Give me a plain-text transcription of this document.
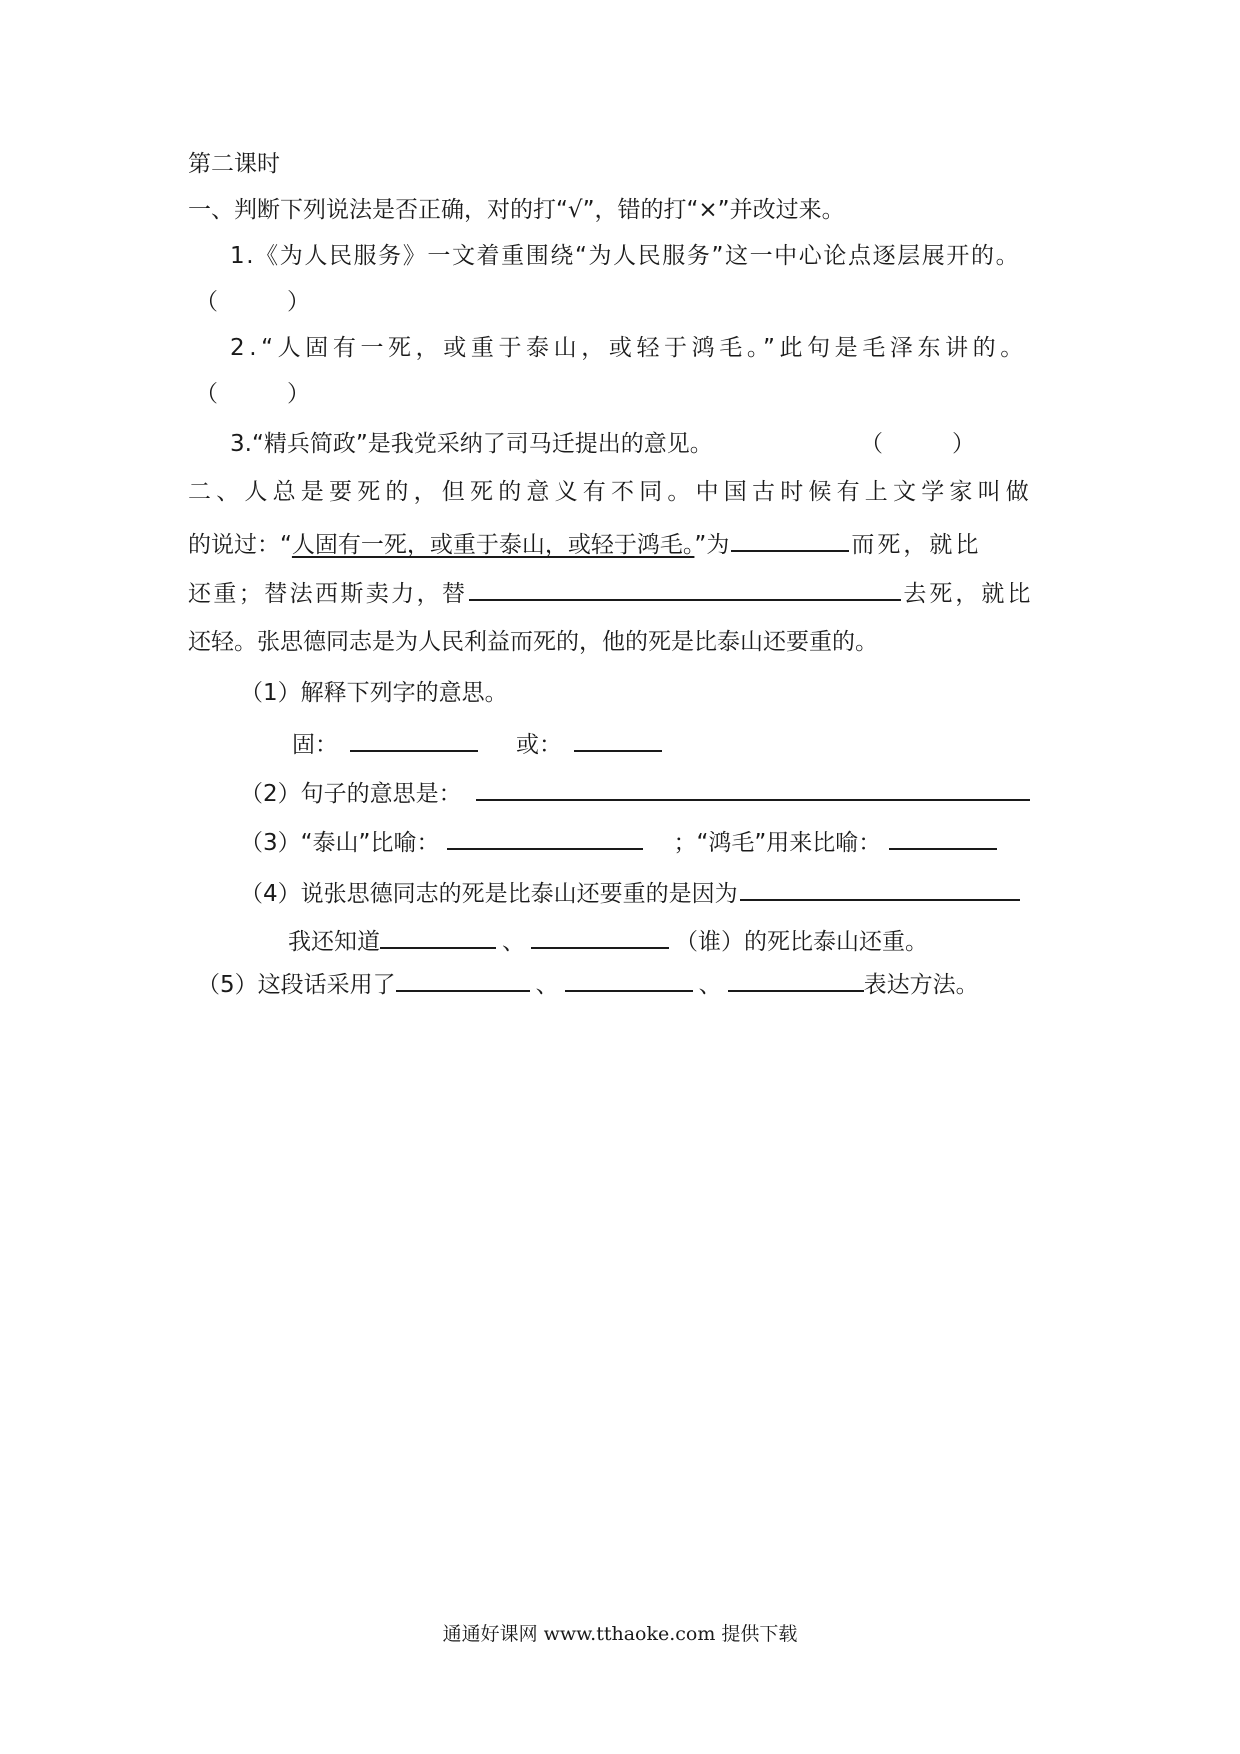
第二课时
一、判断下列说法是否正确，对的打“√”，错的打“×”并改过来。
1.《为人民服务》一文着重围绕“为人民服务”这一中心论点逐层展开的。
（　　　）
2.“人固有一死，或重于泰山，或轻于鸿毛。”此句是毛泽东讲的。
（　　　）
3.“精兵简政”是我党采纳了司马迁提出的意见。	（　　　）
二、人总是要死的，但死的意义有不同。中国古时候有上文学家叫做
的说过：“人固有一死，或重于泰山，或轻于鸿毛。”为	而死，就比
还重；替法西斯卖力，替	去死，就比
还轻。张思德同志是为人民利益而死的，他的死是比泰山还要重的。
（1）解释下列字的意思。
固：	或：
（2）句子的意思是：
（3）“泰山”比喻：	；“鸿毛”用来比喻：
（4）说张思德同志的死是比泰山还要重的是因为
我还知道	、	（谁）的死比泰山还重。
（5）这段话采用了	、	、	表达方法。
通通好课网 www.tthaoke.com 提供下载
